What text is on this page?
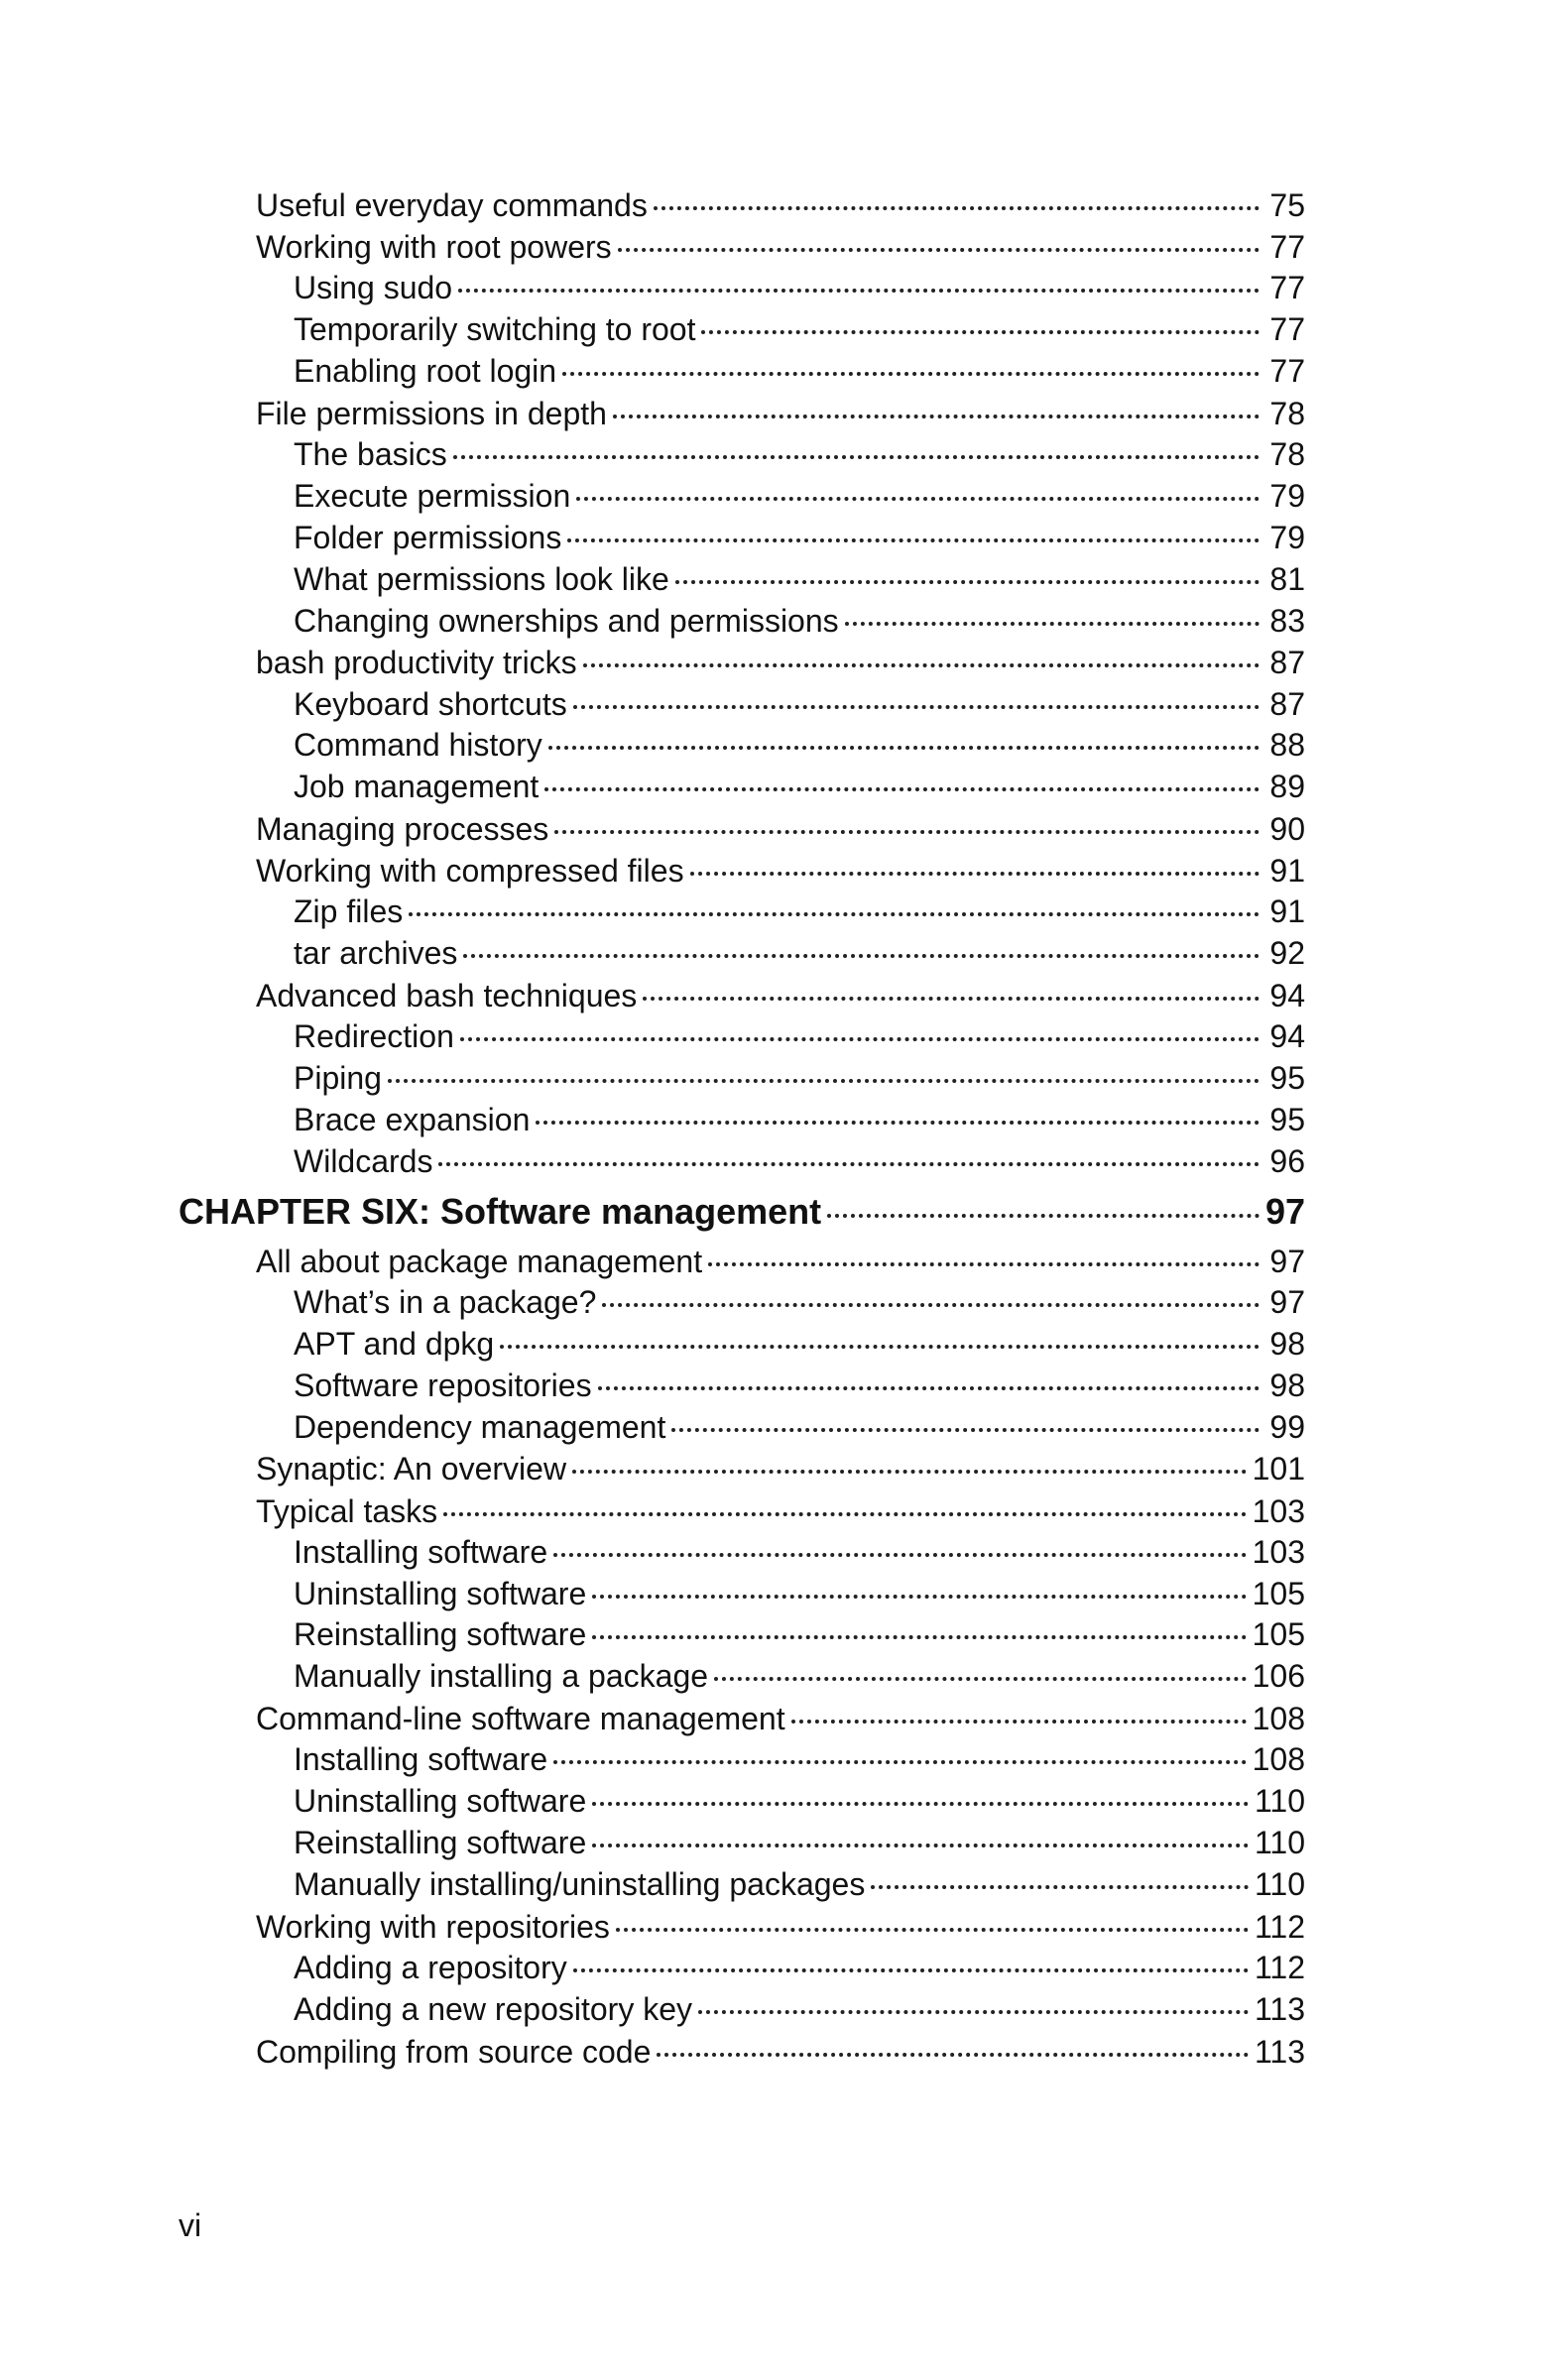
Useful everyday commands	75
Working with root powers	77
Using sudo	77
Temporarily switching to root	77
Enabling root login	77
File permissions in depth	78
The basics	78
Execute permission	79
Folder permissions	79
What permissions look like	81
Changing ownerships and permissions	83
bash productivity tricks	87
Keyboard shortcuts	87
Command history	88
Job management	89
Managing processes	90
Working with compressed files	91
Zip files	91
tar archives	92
Advanced bash techniques	94
Redirection	94
Piping	95
Brace expansion	95
Wildcards	96
CHAPTER SIX: Software management	97
All about package management	97
What’s in a package?	97
APT and dpkg	98
Software repositories	98
Dependency management	99
Synaptic: An overview	101
Typical tasks	103
Installing software	103
Uninstalling software	105
Reinstalling software	105
Manually installing a package	106
Command-line software management	108
Installing software	108
Uninstalling software	110
Reinstalling software	110
Manually installing/uninstalling packages	110
Working with repositories	112
Adding a repository	112
Adding a new repository key	113
Compiling from source code	113
vi
